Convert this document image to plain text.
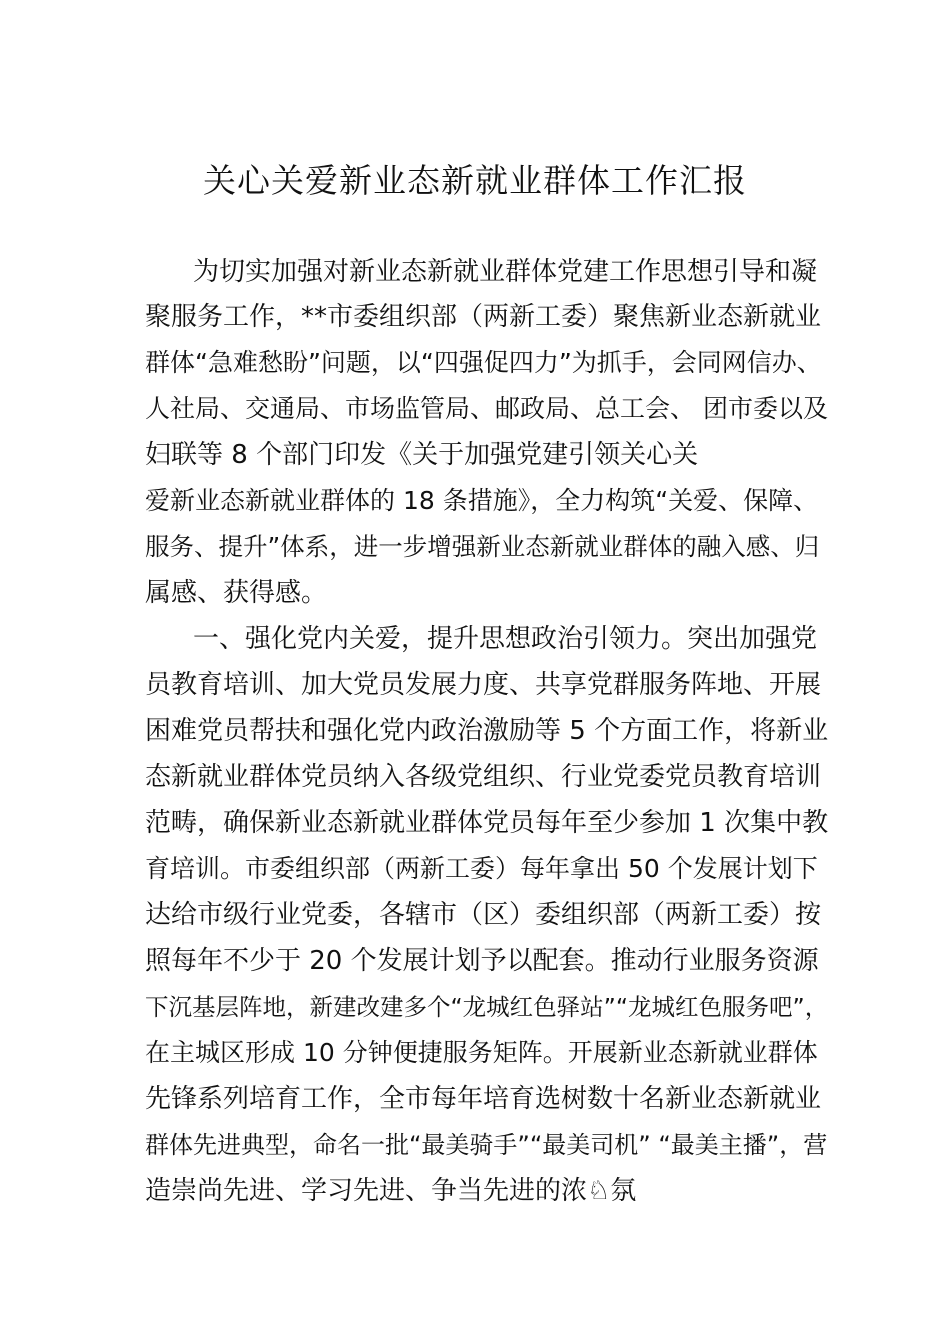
关心关爱新业态新就业群体工作汇报
为切实加强对新业态新就业群体党建工作思想引导和凝
聚服务工作，**市委组织部（两新工委）聚焦新业态新就业
群体“急难愁盼”问题，以“四强促四力”为抓手，会同网信办、
人社局、交通局、市场监管局、邮政局、总工会、 团市委以及
妇联等 8 个部门印发《关于加强党建引领关心关
爱新业态新就业群体的 18 条措施》，全力构筑“关爱、保障、
服务、提升”体系，进一步增强新业态新就业群体的融入感、归
属感、获得感。
一、强化党内关爱，提升思想政治引领力。突出加强党
员教育培训、加大党员发展力度、共享党群服务阵地、开展
困难党员帮扶和强化党内政治激励等 5 个方面工作，将新业
态新就业群体党员纳入各级党组织、行业党委党员教育培训
范畴，确保新业态新就业群体党员每年至少参加 1 次集中教
育培训。市委组织部（两新工委）每年拿出 50 个发展计划下
达给市级行业党委，各辖市（区）委组织部（两新工委）按
照每年不少于 20 个发展计划予以配套。推动行业服务资源
下沉基层阵地，新建改建多个“龙城红色驿站”“龙城红色服务吧”，
在主城区形成 10 分钟便捷服务矩阵。开展新业态新就业群体
先锋系列培育工作，全市每年培育选树数十名新业态新就业
群体先进典型，命名一批“最美骑手”“最美司机” “最美主播”，营
造崇尚先进、学习先进、争当先进的浓♘氛
